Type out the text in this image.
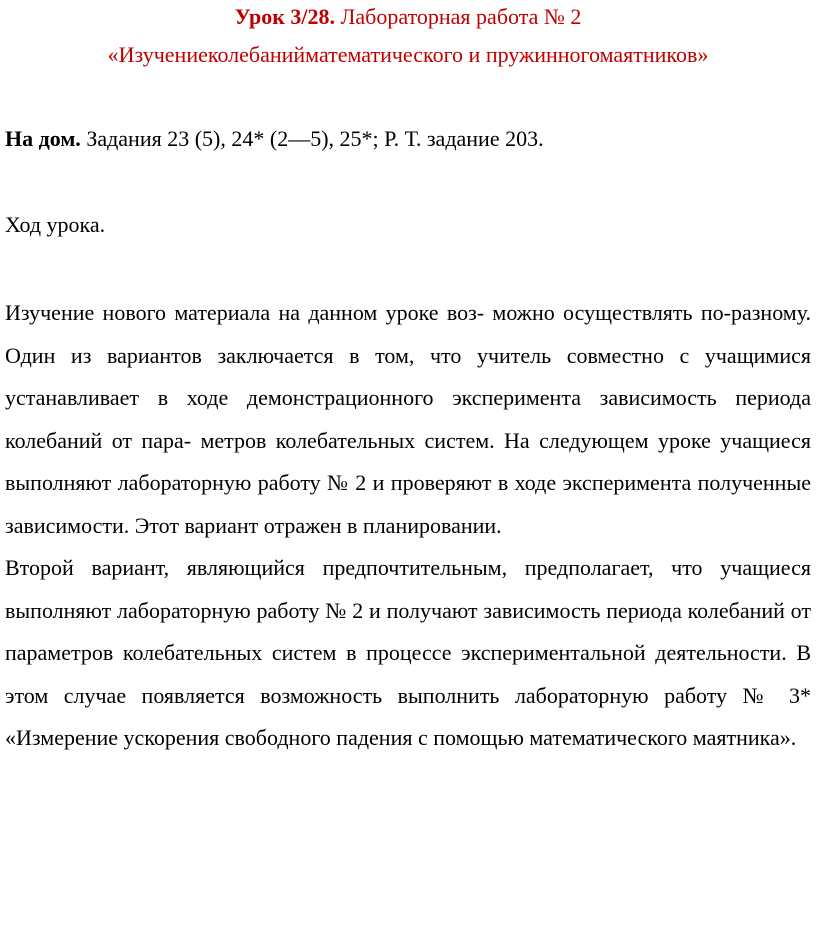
Урок 3/28. Лабораторная работа № 2
«Изучениеколебанийматематического и пружинногомаятников»
На дом. Задания 23 (5), 24* (2—5), 25*; Р. Т. задание 203.
Ход урока.

Изучение нового материала на данном уроке воз- можно осуществлять по-разному. Один из вариантов заключается в том, что учитель совместно с учащимися устанавливает в ходе демонстрационного эксперимента зависимость периода колебаний от пара- метров колебательных систем. На следующем уроке учащиеся выполняют лабораторную работу № 2 и проверяют в ходе эксперимента полученные зависимости. Этот вариант отражен в планировании.

Второй вариант, являющийся предпочтительным, предполагает, что учащиеся выполняют лабораторную работу № 2 и получают зависимость периода колебаний от параметров колебательных систем в процессе экспериментальной деятельности. В этом случае появляется возможность выполнить лабораторную работу № 3* «Измерение ускорения свободного падения с помощью математического маятника».
